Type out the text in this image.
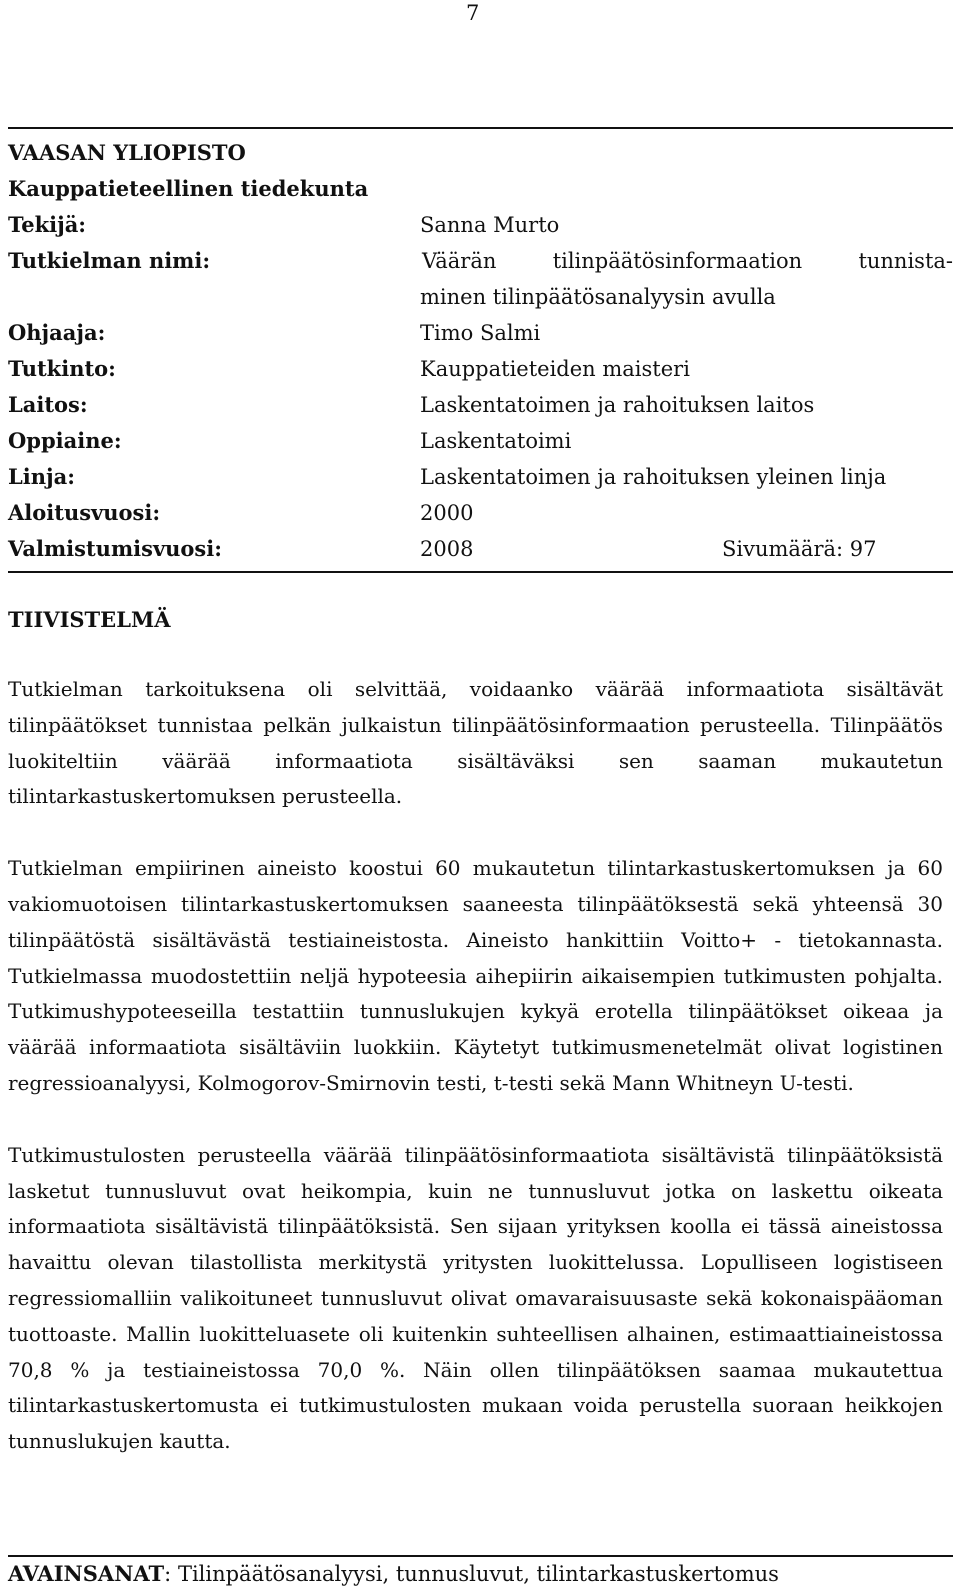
7
VAASAN YLIOPISTO
Kauppatieteellinen tiedekunta
Tekijä:	Sanna Murto
Tutkielman nimi:	Väärän	tilinpäätösinformaation	tunnista-
minen tilinpäätösanalyysin avulla
Ohjaaja:	Timo Salmi
Tutkinto:	Kauppatieteiden maisteri
Laitos:	Laskentatoimen ja rahoituksen laitos
Oppiaine:	Laskentatoimi
Linja:	Laskentatoimen ja rahoituksen yleinen linja
Aloitusvuosi:	2000
Valmistumisvuosi:	2008	Sivumäärä: 97
TIIVISTELMÄ

Tutkielman tarkoituksena oli selvittää, voidaanko väärää informaatiota sisältävät tilinpäätökset tunnistaa pelkän julkaistun tilinpäätösinformaation perusteella. Tilinpäätös luokiteltiin väärää informaatiota sisältäväksi sen saaman mukautetun tilintarkastuskertomuksen perusteella.

Tutkielman empiirinen aineisto koostui 60 mukautetun tilintarkastuskertomuksen ja 60 vakiomuotoisen tilintarkastuskertomuksen saaneesta tilinpäätöksestä sekä yhteensä 30 tilinpäätöstä sisältävästä testiaineistosta. Aineisto hankittiin Voitto+ - tietokannasta. Tutkielmassa muodostettiin neljä hypoteesia aihepiirin aikaisempien tutkimusten pohjalta. Tutkimushypoteeseilla testattiin tunnuslukujen kykyä erotella tilinpäätökset oikeaa ja väärää informaatiota sisältäviin luokkiin. Käytetyt tutkimusmenetelmät olivat logistinen regressioanalyysi, Kolmogorov-Smirnovin testi, t-testi sekä Mann Whitneyn U-testi.

Tutkimustulosten perusteella väärää tilinpäätösinformaatiota sisältävistä tilinpäätöksistä lasketut tunnusluvut ovat heikompia, kuin ne tunnusluvut jotka on laskettu oikeata informaatiota sisältävistä tilinpäätöksistä. Sen sijaan yrityksen koolla ei tässä aineistossa havaittu olevan tilastollista merkitystä yritysten luokittelussa. Lopulliseen logistiseen regressiomalliin valikoituneet tunnusluvut olivat omavaraisuusaste sekä kokonaispääoman tuottoaste. Mallin luokitteluasete oli kuitenkin suhteellisen alhainen, estimaattiaineistossa 70,8 % ja testiaineistossa 70,0 %. Näin ollen tilinpäätöksen saamaa mukautettua tilintarkastuskertomusta ei tutkimustulosten mukaan voida perustella suoraan heikkojen tunnuslukujen kautta.

AVAINSANAT: Tilinpäätösanalyysi, tunnusluvut, tilintarkastuskertomus
